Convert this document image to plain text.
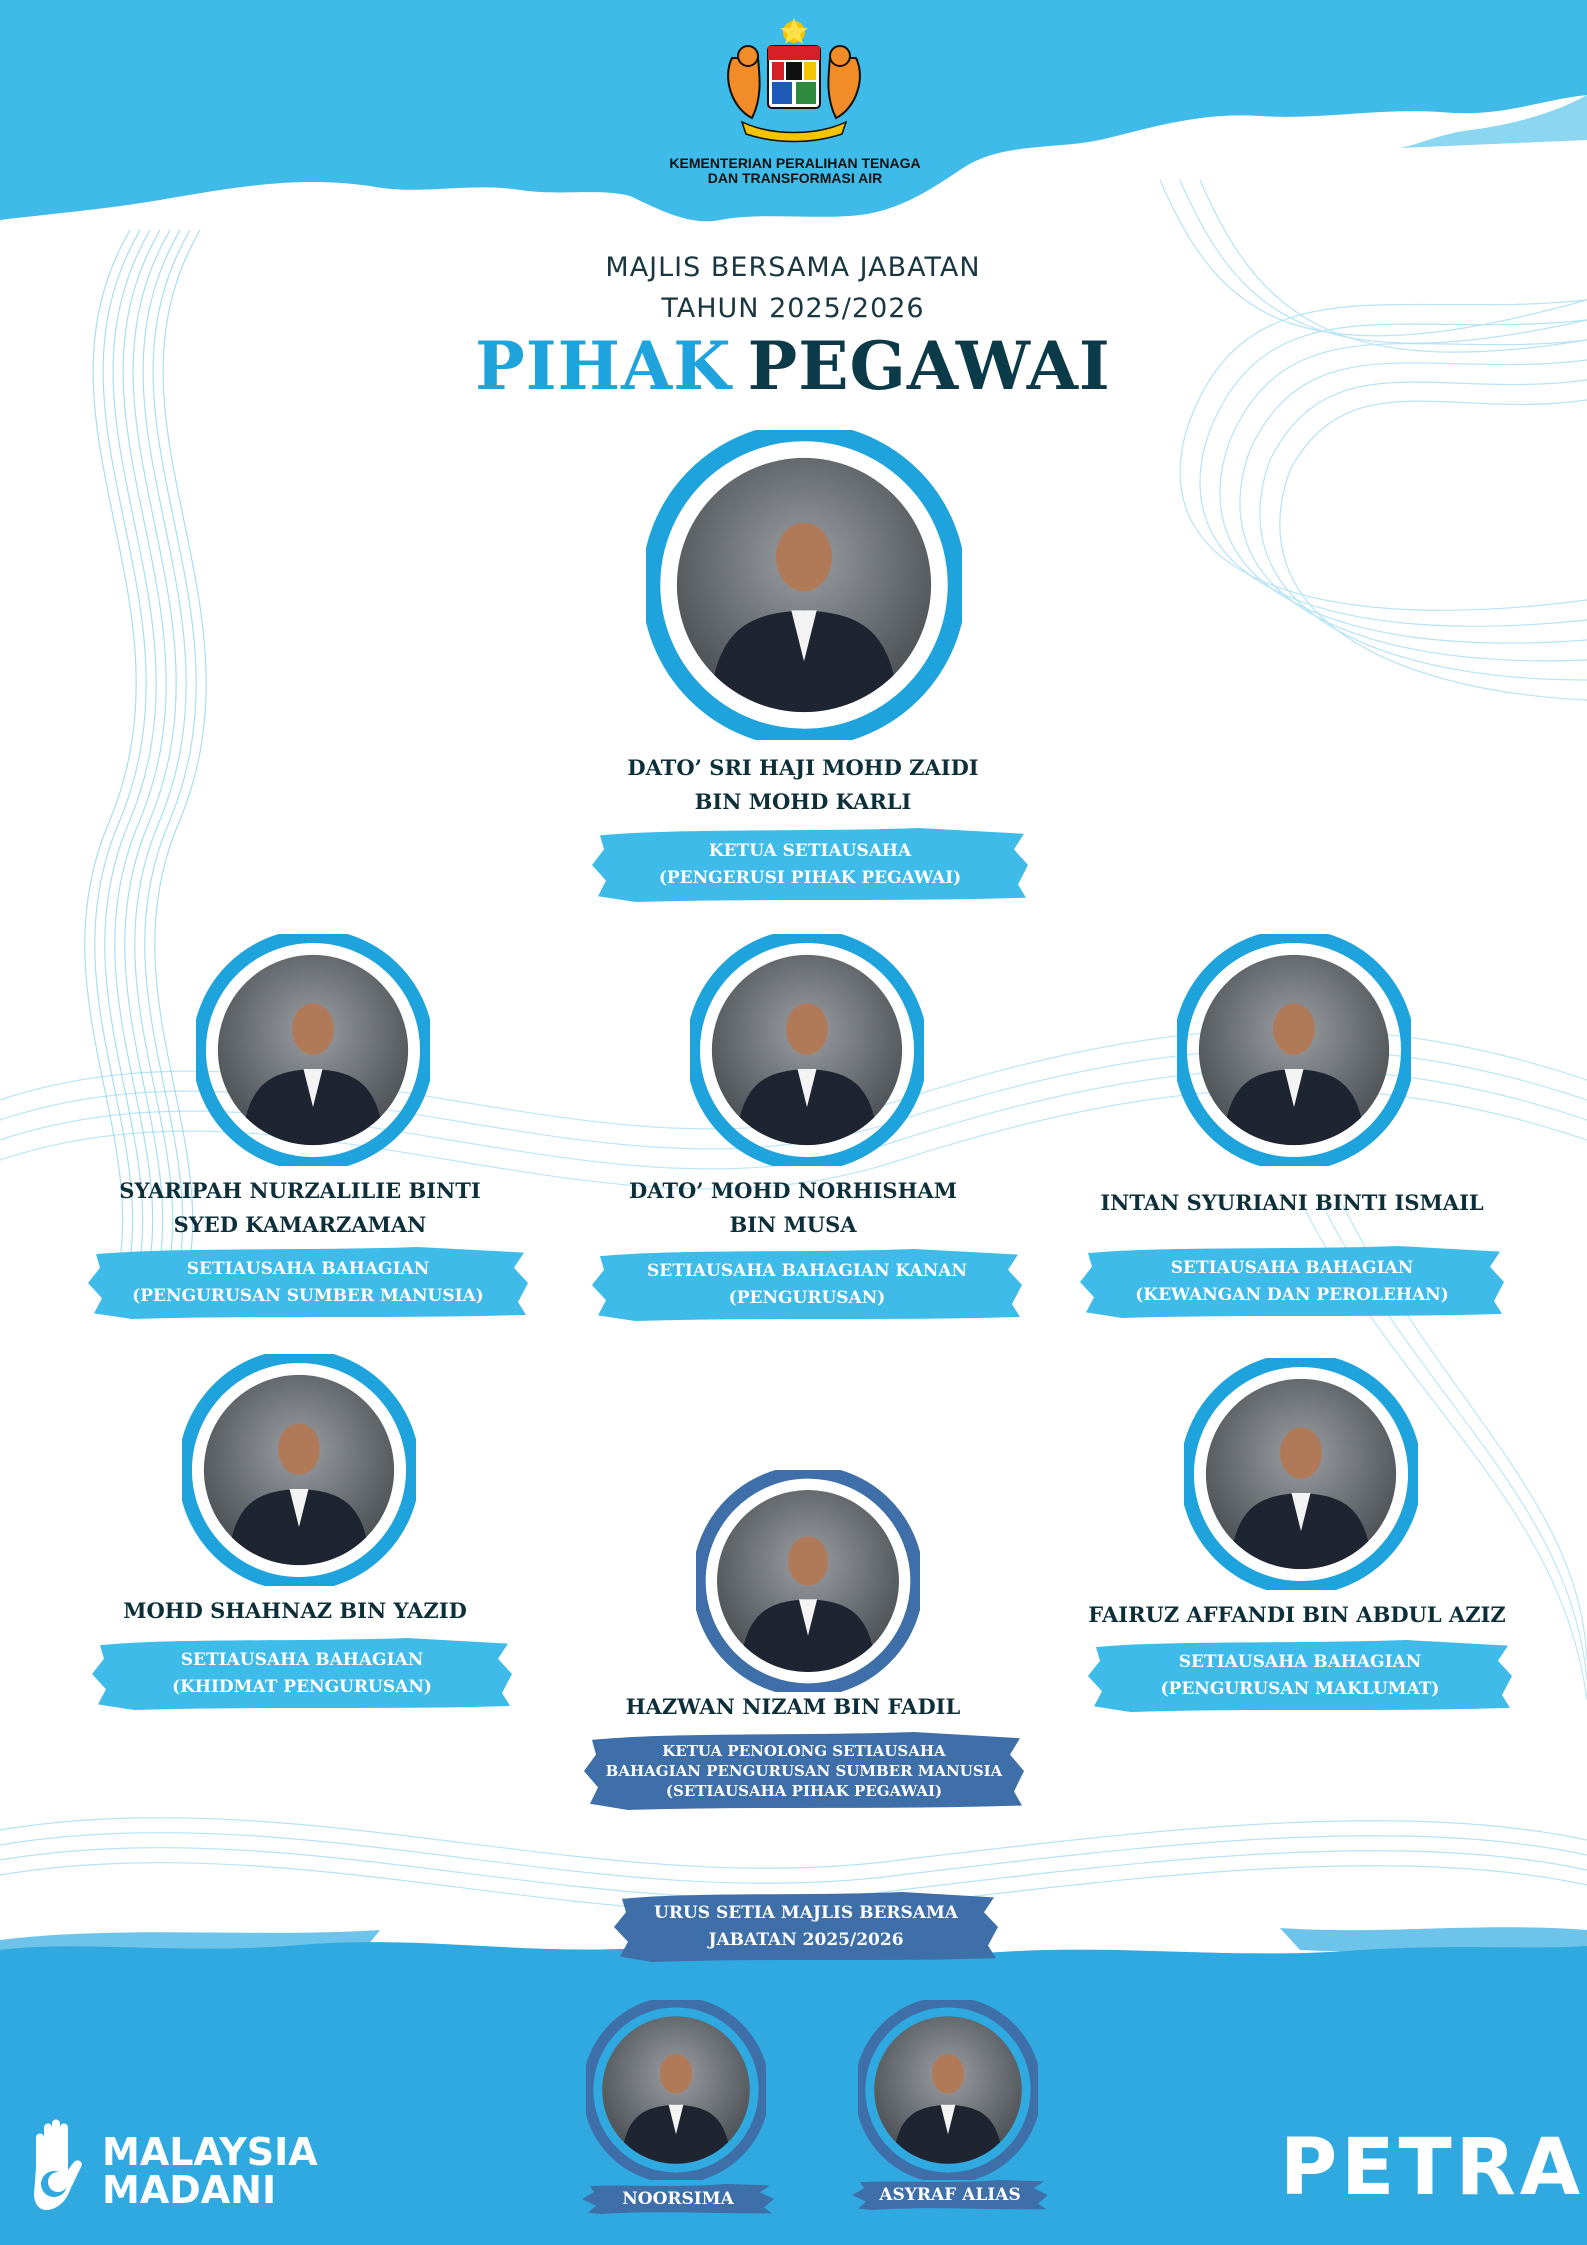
KEMENTERIAN PERALIHAN TENAGA
DAN TRANSFORMASI AIR
MAJLIS BERSAMA JABATAN
TAHUN 2025/2026
PIHAK PEGAWAI
DATO’ SRI HAJI MOHD ZAIDI
BIN MOHD KARLI
KETUA SETIAUSAHA
(PENGERUSI PIHAK PEGAWAI)
SYARIPAH NURZALILIE BINTI
SYED KAMARZAMAN
SETIAUSAHA BAHAGIAN
(PENGURUSAN SUMBER MANUSIA)
DATO’ MOHD NORHISHAM
BIN MUSA
SETIAUSAHA BAHAGIAN KANAN
(PENGURUSAN)
INTAN SYURIANI BINTI ISMAIL
SETIAUSAHA BAHAGIAN
(KEWANGAN DAN PEROLEHAN)
MOHD SHAHNAZ BIN YAZID
SETIAUSAHA BAHAGIAN
(KHIDMAT PENGURUSAN)
HAZWAN NIZAM BIN FADIL
KETUA PENOLONG SETIAUSAHA
BAHAGIAN PENGURUSAN SUMBER MANUSIA
(SETIAUSAHA PIHAK PEGAWAI)
FAIRUZ AFFANDI BIN ABDUL AZIZ
SETIAUSAHA BAHAGIAN
(PENGURUSAN MAKLUMAT)
URUS SETIA MAJLIS BERSAMA
JABATAN 2025/2026
NOORSIMA	ASYRAF ALIAS
MALAYSIA
MADANI	PETRA
